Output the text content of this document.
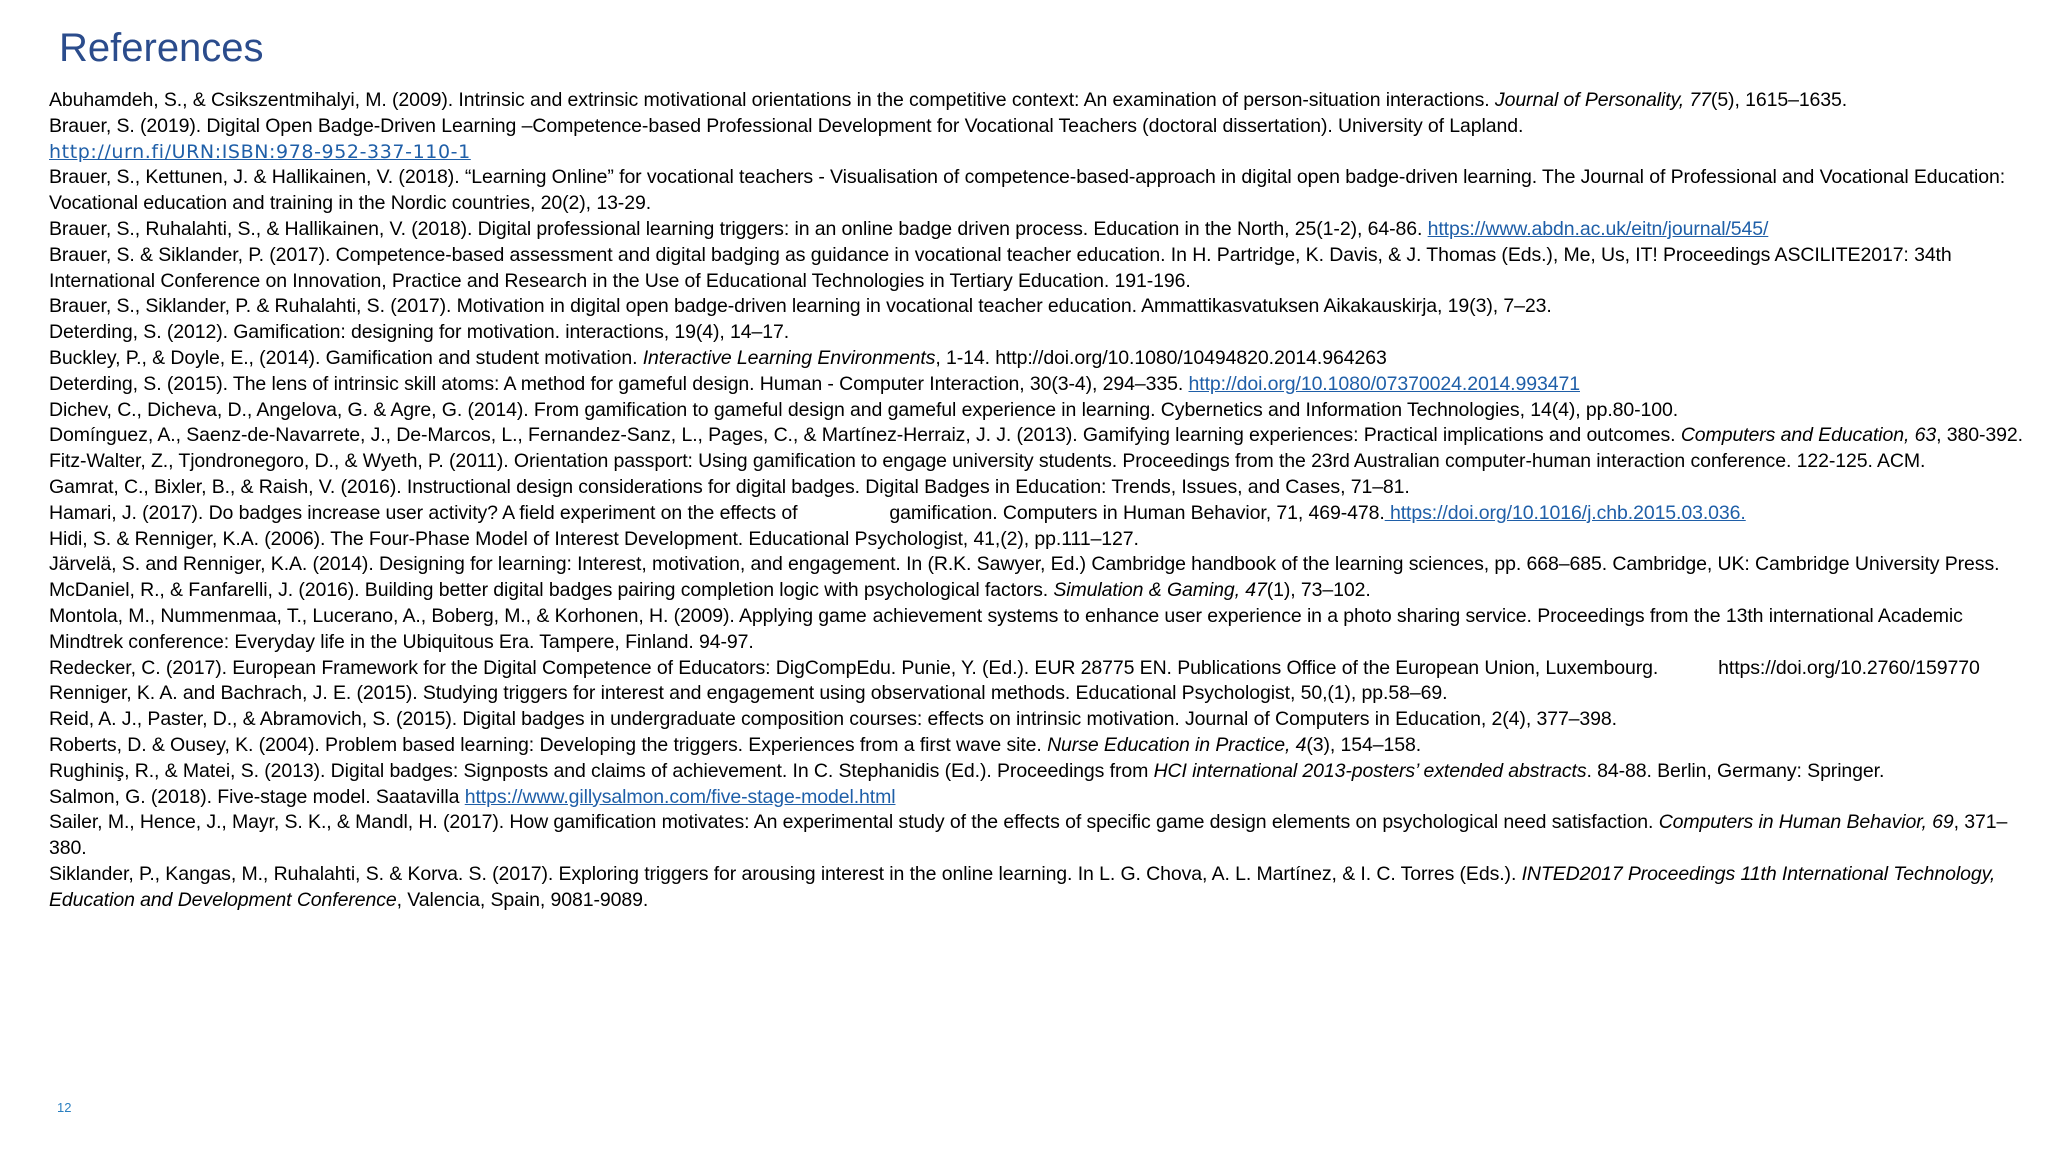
References

Abuhamdeh, S., & Csikszentmihalyi, M. (2009). Intrinsic and extrinsic motivational orientations in the competitive context: An examination of person-situation interactions. Journal of Personality, 77(5), 1615–1635.

Brauer, S. (2019). Digital Open Badge-Driven Learning –Competence-based Professional Development for Vocational Teachers (doctoral dissertation). University of Lapland.
http://urn.fi/URN:ISBN:978-952-337-110-1

Brauer, S., Kettunen, J. & Hallikainen, V. (2018). “Learning Online” for vocational teachers - Visualisation of competence-based-approach in digital open badge-driven learning. The Journal of Professional and Vocational Education: Vocational education and training in the Nordic countries, 20(2), 13-29.

Brauer, S., Ruhalahti, S., & Hallikainen, V. (2018). Digital professional learning triggers: in an online badge driven process. Education in the North, 25(1-2), 64-86. https://www.abdn.ac.uk/eitn/journal/545/

Brauer, S. & Siklander, P. (2017). Competence-based assessment and digital badging as guidance in vocational teacher education. In H. Partridge, K. Davis, & J. Thomas (Eds.), Me, Us, IT! Proceedings ASCILITE2017: 34th International Conference on Innovation, Practice and Research in the Use of Educational Technologies in Tertiary Education. 191-196.

Brauer, S., Siklander, P. & Ruhalahti, S. (2017). Motivation in digital open badge-driven learning in vocational teacher education. Ammattikasvatuksen Aikakauskirja, 19(3), 7–23.

Deterding, S. (2012). Gamification: designing for motivation. interactions, 19(4), 14–17.

Buckley, P., & Doyle, E., (2014). Gamification and student motivation. Interactive Learning Environments, 1-14. http://doi.org/10.1080/10494820.2014.964263

Deterding, S. (2015). The lens of intrinsic skill atoms: A method for gameful design. Human - Computer Interaction, 30(3-4), 294–335. http://doi.org/10.1080/07370024.2014.993471

Dichev, C., Dicheva, D., Angelova, G. & Agre, G. (2014). From gamification to gameful design and gameful experience in learning. Cybernetics and Information Technologies, 14(4), pp.80-100.

Domínguez, A., Saenz-de-Navarrete, J., De-Marcos, L., Fernandez-Sanz, L., Pages, C., & Martínez-Herraiz, J. J. (2013). Gamifying learning experiences: Practical implications and outcomes. Computers and Education, 63, 380-392.

Fitz-Walter, Z., Tjondronegoro, D., & Wyeth, P. (2011). Orientation passport: Using gamification to engage university students. Proceedings from the 23rd Australian computer-human interaction conference. 122-125. ACM.

Gamrat, C., Bixler, B., & Raish, V. (2016). Instructional design considerations for digital badges. Digital Badges in Education: Trends, Issues, and Cases, 71–81.

Hamari, J. (2017). Do badges increase user activity? A field experiment on the effects of	gamification. Computers in Human Behavior, 71, 469-478. https://doi.org/10.1016/j.chb.2015.03.036.

Hidi, S. & Renniger, K.A. (2006). The Four-Phase Model of Interest Development. Educational Psychologist, 41,(2), pp.111–127.

Järvelä, S. and Renniger, K.A. (2014). Designing for learning: Interest, motivation, and engagement. In (R.K. Sawyer, Ed.) Cambridge handbook of the learning sciences, pp. 668–685. Cambridge, UK: Cambridge University Press.

McDaniel, R., & Fanfarelli, J. (2016). Building better digital badges pairing completion logic with psychological factors. Simulation & Gaming, 47(1), 73–102.

Montola, M., Nummenmaa, T., Lucerano, A., Boberg, M., & Korhonen, H. (2009). Applying game achievement systems to enhance user experience in a photo sharing service. Proceedings from the 13th international Academic Mindtrek conference: Everyday life in the Ubiquitous Era. Tampere, Finland. 94-97.

Redecker, C. (2017). European Framework for the Digital Competence of Educators: DigCompEdu. Punie, Y. (Ed.). EUR 28775 EN. Publications Office of the European Union, Luxembourg.	https://doi.org/10.2760/159770

Renniger, K. A. and Bachrach, J. E. (2015). Studying triggers for interest and engagement using observational methods. Educational Psychologist, 50,(1), pp.58–69.

Reid, A. J., Paster, D., & Abramovich, S. (2015). Digital badges in undergraduate composition courses: effects on intrinsic motivation. Journal of Computers in Education, 2(4), 377–398.

Roberts, D. & Ousey, K. (2004). Problem based learning: Developing the triggers. Experiences from a first wave site. Nurse Education in Practice, 4(3), 154–158.

Rughiniş, R., & Matei, S. (2013). Digital badges: Signposts and claims of achievement. In C. Stephanidis (Ed.). Proceedings from HCI international 2013-posters’ extended abstracts. 84-88. Berlin, Germany: Springer.

Salmon, G. (2018). Five-stage model. Saatavilla https://www.gillysalmon.com/five-stage-model.html

Sailer, M., Hence, J., Mayr, S. K., & Mandl, H. (2017). How gamification motivates: An experimental study of the effects of specific game design elements on psychological need satisfaction. Computers in Human Behavior, 69, 371–380.

Siklander, P., Kangas, M., Ruhalahti, S. & Korva. S. (2017). Exploring triggers for arousing interest in the online learning. In L. G. Chova, A. L. Martínez, & I. C. Torres (Eds.). INTED2017 Proceedings 11th International Technology, Education and Development Conference, Valencia, Spain, 9081-9089.

12
